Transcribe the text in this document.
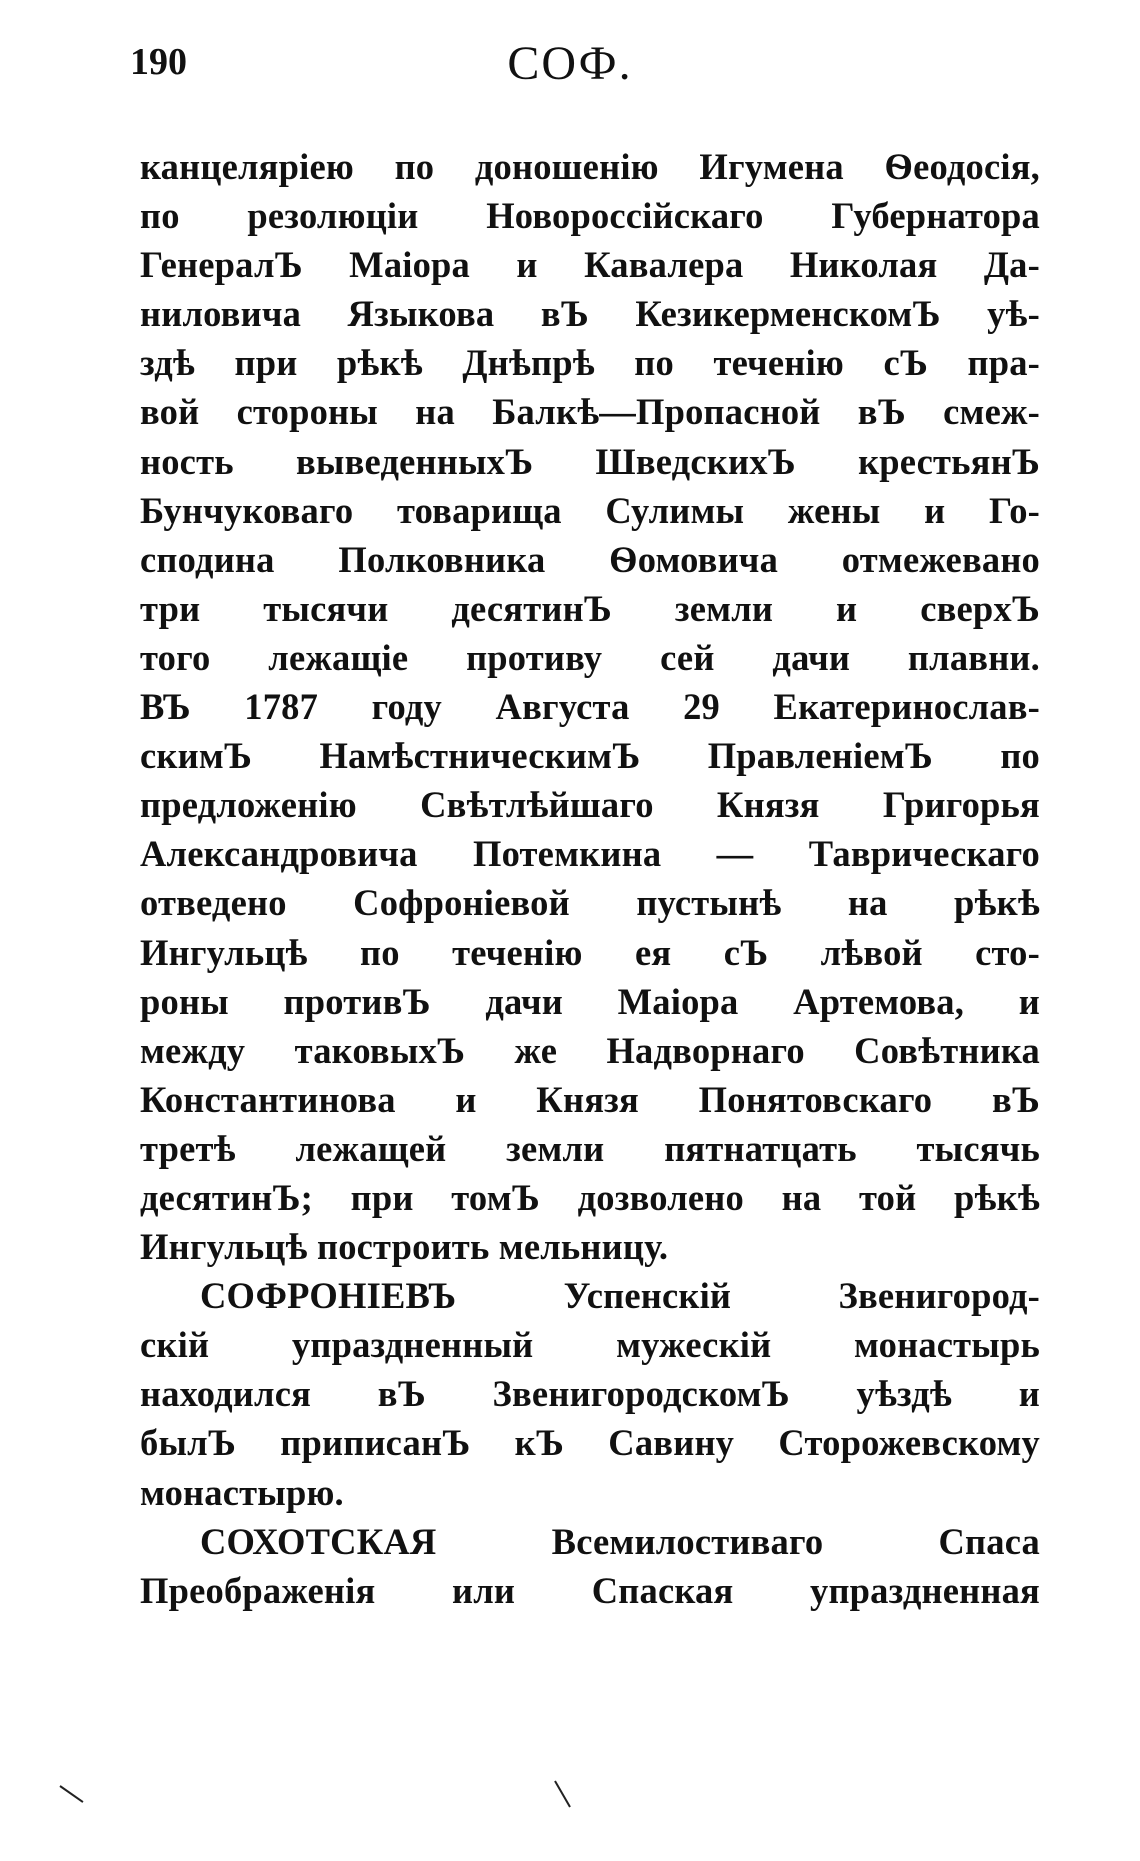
190	СОФ.
канцеляріею по доношенію Игумена Ѳеодосія,
по резолюціи Новороссійскаго Губернатора
ГенералЪ Маіора и Кавалера Николая Да-
ниловича Языкова вЪ КезикерменскомЪ уѣ-
здѣ при рѣкѣ Днѣпрѣ по теченію сЪ пра-
вой стороны на Балкѣ—Пропасной вЪ смеж-
ность выведенныхЪ ШведскихЪ крестьянЪ
Бунчуковаго товарища Сулимы жены и Го-
сподина Полковника Ѳомовича отмежевано
три тысячи десятинЪ земли и сверхЪ
того лежащіе противу сей дачи плавни.
ВЪ 1787 году Августа 29 Екатеринослав-
скимЪ НамѣстническимЪ ПравленіемЪ по
предложенію Свѣтлѣйшаго Князя Григорья
Александровича Потемкина — Таврическаго
отведено Софроніевой пустынѣ на рѣкѣ
Ингульцѣ по теченію ея сЪ лѣвой сто-
роны противЪ дачи Маіора Артемова, и
между таковыхЪ же Надворнаго Совѣтника
Константинова и Князя Понятовскаго вЪ
третѣ лежащей земли пятнатцать тысячь
десятинЪ; при томЪ дозволено на той рѣкѣ
Ингульцѣ построить мельницу.
СОФРОНІЕВЪ Успенскій Звенигород-
скій упраздненный мужескій монастырь
находился вЪ ЗвенигородскомЪ уѣздѣ и
былЪ приписанЪ кЪ Савину Сторожевскому
монастырю.
СОХОТСКАЯ Всемилостиваго Спаса
Преображенія или Спаская упраздненная
